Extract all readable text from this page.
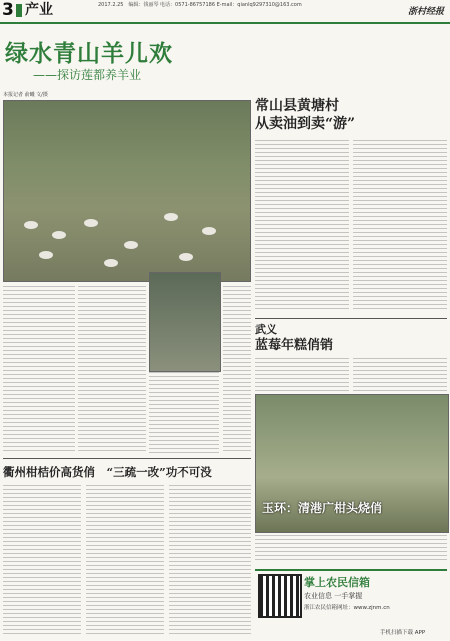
3 产业	2017.2.25　编辑：钱丽琴 电话：0571-86757186 E-mail：qianlq9297310@163.com
浙村经报
绿水青山羊儿欢
——探访莲都养羊业
本报记者 俞曦 文/摄
常山县黄塘村
从卖油到卖“游”
武义
蓝莓年糕俏销
玉环：清港广柑头烧俏
衢州柑桔价高货俏　“三疏一改”功不可没
掌上农民信箱
农业信息 一手掌握
浙江农民信箱网址：www.zjnm.cn
手机扫描下载 APP
